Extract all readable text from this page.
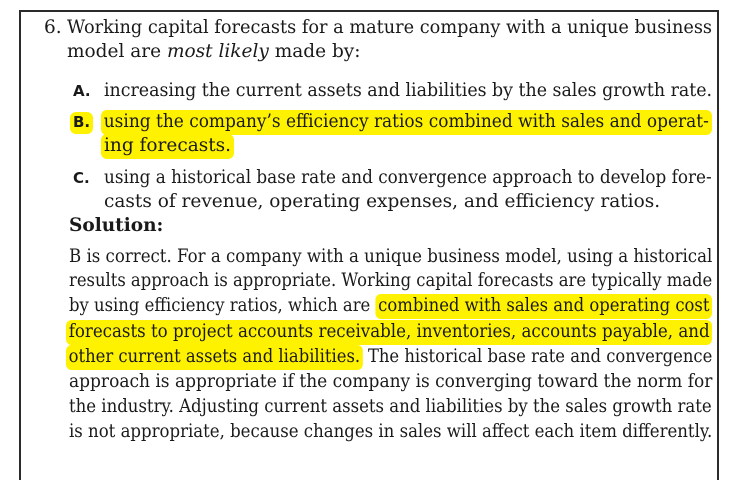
6. Working capital forecasts for a mature company with a unique business
model are most likely made by:
A. increasing the current assets and liabilities by the sales growth rate.
B. using the company’s efficiency ratios combined with sales and operat-
ing forecasts.
C. using a historical base rate and convergence approach to develop fore-
casts of revenue, operating expenses, and efficiency ratios.
Solution:
B is correct. For a company with a unique business model, using a historical
results approach is appropriate. Working capital forecasts are typically made
by using efficiency ratios, which are combined with sales and operating cost
forecasts to project accounts receivable, inventories, accounts payable, and
other current assets and liabilities. The historical base rate and convergence
approach is appropriate if the company is converging toward the norm for
the industry. Adjusting current assets and liabilities by the sales growth rate
is not appropriate, because changes in sales will affect each item differently.
